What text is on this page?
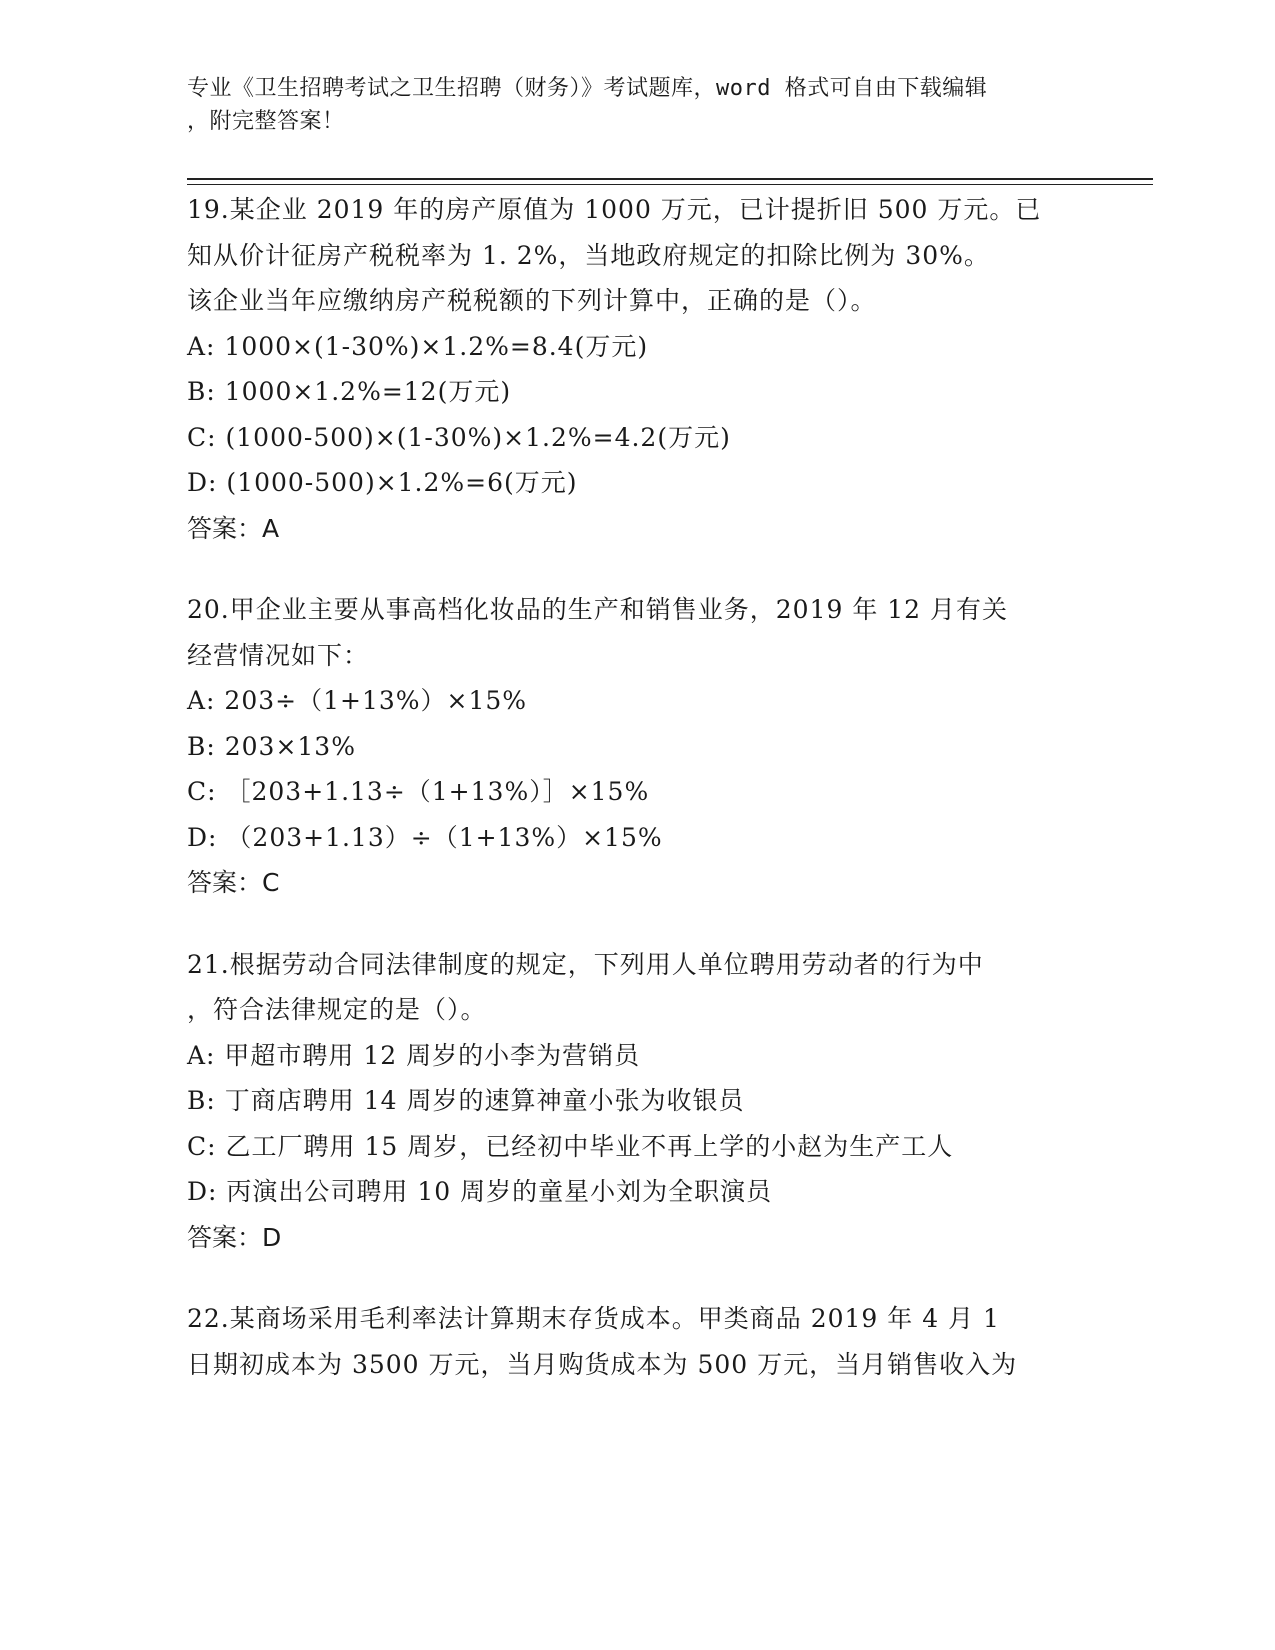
专业《卫生招聘考试之卫生招聘（财务）》考试题库，word 格式可自由下载编辑
，附完整答案！
19.某企业 2019 年的房产原值为 1000 万元，已计提折旧 500 万元。已
知从价计征房产税税率为 1. 2%，当地政府规定的扣除比例为 30%。
该企业当年应缴纳房产税税额的下列计算中，正确的是（）。
A: 1000×(1-30%)×1.2%=8.4(万元)
B: 1000×1.2%=12(万元)
C: (1000-500)×(1-30%)×1.2%=4.2(万元)
D: (1000-500)×1.2%=6(万元)
答案：A
20.甲企业主要从事高档化妆品的生产和销售业务，2019 年 12 月有关
经营情况如下：
A: 203÷（1+13%）×15%
B: 203×13%
C: ［203+1.13÷（1+13%）］×15%
D: （203+1.13）÷（1+13%）×15%
答案：C
21.根据劳动合同法律制度的规定，下列用人单位聘用劳动者的行为中
，符合法律规定的是（）。
A: 甲超市聘用 12 周岁的小李为营销员
B: 丁商店聘用 14 周岁的速算神童小张为收银员
C: 乙工厂聘用 15 周岁，已经初中毕业不再上学的小赵为生产工人
D: 丙演出公司聘用 10 周岁的童星小刘为全职演员
答案：D
22.某商场采用毛利率法计算期末存货成本。甲类商品 2019 年 4 月 1
日期初成本为 3500 万元，当月购货成本为 500 万元，当月销售收入为
